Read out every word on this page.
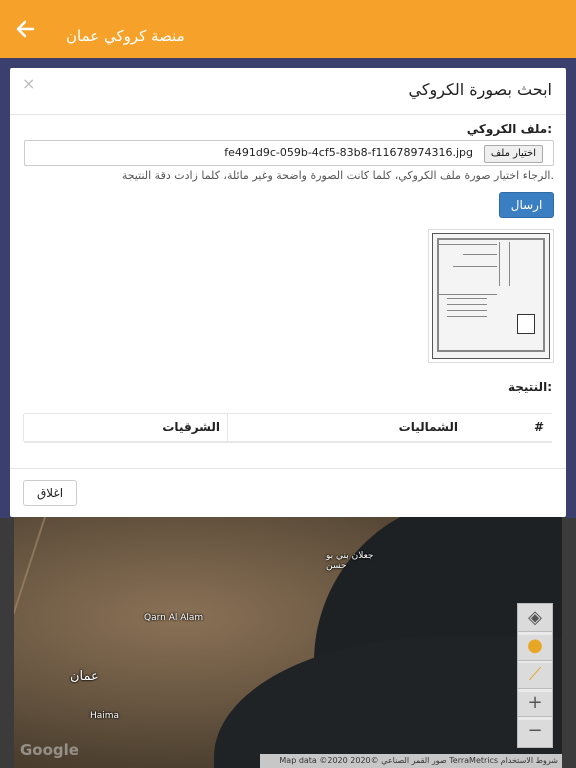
منصة كروكي عمان
عمان
Qarn Al Alam
Haima
جعلان بني بو حسن
Google
Map data ©2020 صور القمر الصناعي ©2020 TerraMetrics شروط الاستخدام
◈
●
⟋
+
−
×	ابحث بصورة الكروكي
ملف الكروكي:
اختيار ملف
fe491d9c-059b-4cf5-83b8-f11678974316.jpg
الرجاء اختيار صورة ملف الكروكي، كلما كانت الصورة واضحة وغير مائلة، كلما زادت دقة النتيجة.
ارسال
النتيجة:
#
الشماليات
الشرقيات
اغلاق
